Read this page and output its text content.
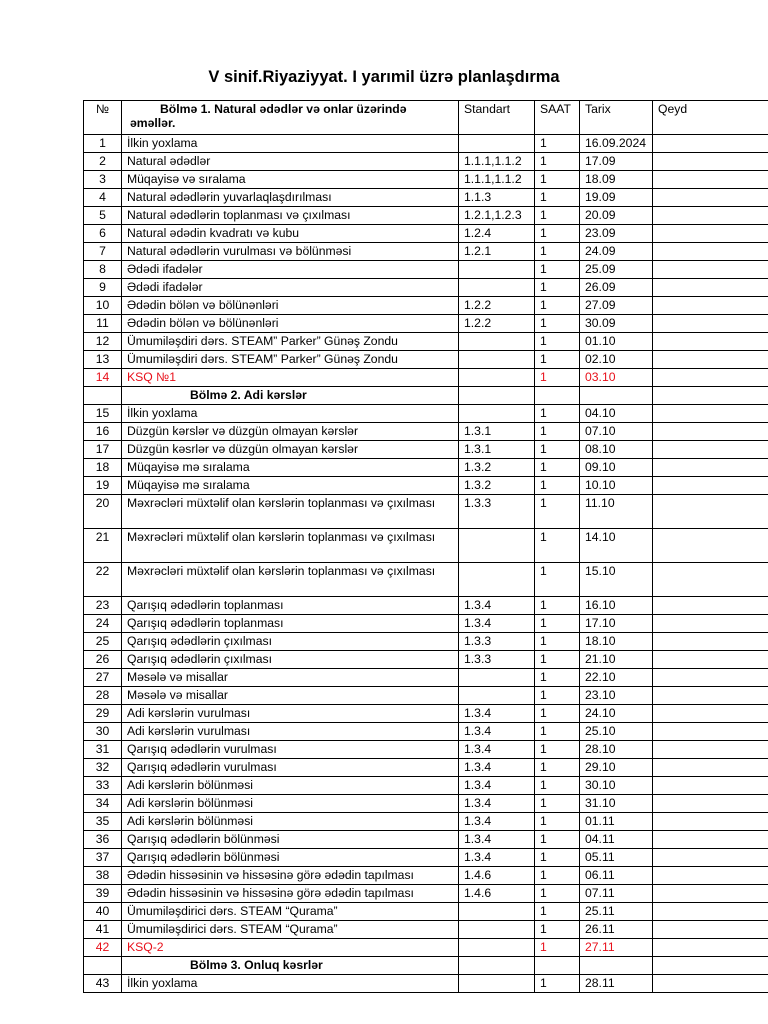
V sinif.Riyaziyyat. I yarımil üzrə planlaşdırma
№	Bölmə 1. Natural ədədlər və onlar üzərində əməllər.	Standart	SAAT	Tarix	Qeyd
1	İlkin yoxlama		1	16.09.2024	
2	Natural ədədlər	1.1.1,1.1.2	1	17.09	
3	Müqayisə və sıralama	1.1.1,1.1.2	1	18.09	
4	Natural ədədlərin yuvarlaqlaşdırılması	1.1.3	1	19.09	
5	Natural ədədlərin toplanması və çıxılması	1.2.1,1.2.3	1	20.09	
6	Natural ədədin kvadratı və kubu	1.2.4	1	23.09	
7	Natural ədədlərin vurulması və bölünməsi	1.2.1	1	24.09	
8	Ədədi ifadələr		1	25.09	
9	Ədədi ifadələr		1	26.09	
10	Ədədin bölən və bölünənləri	1.2.2	1	27.09	
11	Ədədin bölən və bölünənləri	1.2.2	1	30.09	
12	Ümumiləşdiri dərs. STEAM” Parker” Günəş Zondu		1	01.10	
13	Ümumiləşdiri dərs. STEAM” Parker” Günəş Zondu		1	02.10	
14	KSQ №1		1	03.10	
	Bölmə 2. Adi kərslər				
15	İlkin yoxlama		1	04.10	
16	Düzgün kərslər və düzgün olmayan kərslər	1.3.1	1	07.10	
17	Düzgün kəsrlər və düzgün olmayan kərslər	1.3.1	1	08.10	
18	Müqayisə mə sıralama	1.3.2	1	09.10	
19	Müqayisə mə sıralama	1.3.2	1	10.10	
20	Məxrəcləri müxtəlif olan kərslərin toplanması və çıxılması	1.3.3	1	11.10	
21	Məxrəcləri müxtəlif olan kərslərin toplanması və çıxılması		1	14.10	
22	Məxrəcləri müxtəlif olan kərslərin toplanması və çıxılması		1	15.10	
23	Qarışıq ədədlərin toplanması	1.3.4	1	16.10	
24	Qarışıq ədədlərin toplanması	1.3.4	1	17.10	
25	Qarışıq ədədlərin çıxılması	1.3.3	1	18.10	
26	Qarışıq ədədlərin çıxılması	1.3.3	1	21.10	
27	Məsələ və misallar		1	22.10	
28	Məsələ və misallar		1	23.10	
29	Adi kərslərin vurulması	1.3.4	1	24.10	
30	Adi kərslərin vurulması	1.3.4	1	25.10	
31	Qarışıq ədədlərin vurulması	1.3.4	1	28.10	
32	Qarışıq ədədlərin vurulması	1.3.4	1	29.10	
33	Adi kərslərin bölünməsi	1.3.4	1	30.10	
34	Adi kərslərin bölünməsi	1.3.4	1	31.10	
35	Adi kərslərin bölünməsi	1.3.4	1	01.11	
36	Qarışıq ədədlərin bölünməsi	1.3.4	1	04.11	
37	Qarışıq ədədlərin bölünməsi	1.3.4	1	05.11	
38	Ədədin hissəsinin və hissəsinə görə ədədin tapılması	1.4.6	1	06.11	
39	Ədədin hissəsinin və hissəsinə görə ədədin tapılması	1.4.6	1	07.11	
40	Ümumiləşdirici dərs. STEAM “Qurama”		1	25.11	
41	Ümumiləşdirici dərs. STEAM “Qurama”		1	26.11	
42	KSQ-2		1	27.11	
	Bölmə 3. Onluq kəsrlər				
43	İlkin yoxlama		1	28.11	
